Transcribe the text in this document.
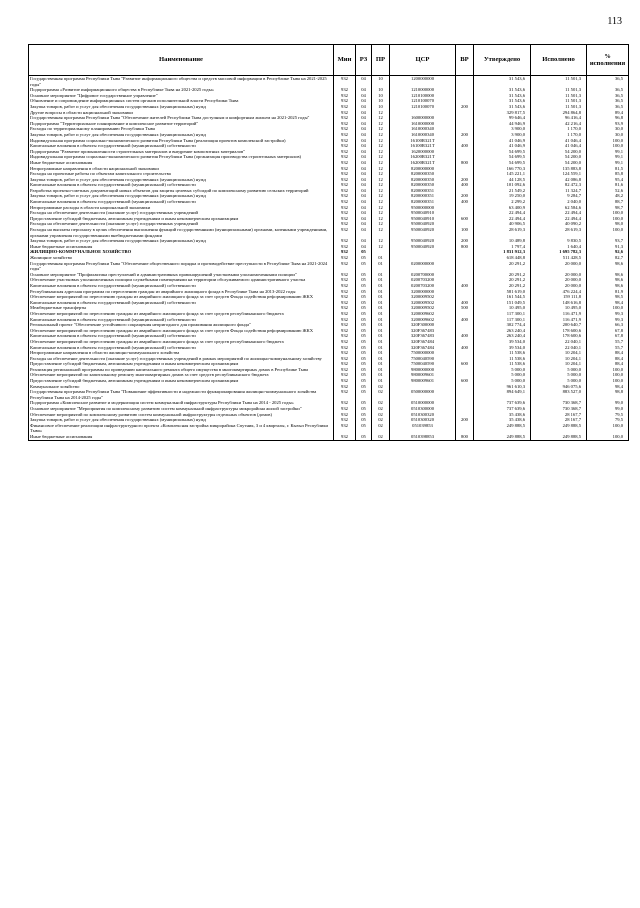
113
Наименование	Мин	РЗ	ПР	ЦСР	ВР	Утверждено	Исполнено	% исполнения
Государственная программа Республики Тыва "Развитие информационного общества и средств массовой информации в Республике Тыва на 2021-2025 годы"	932	04	10	1200000000		31 543,6	11 501,3	36,5
Подпрограмма «Развитие информационного общества в Республике Тыва на 2021-2025 годы»	932	04	10	1210000000		31 543,6	11 501,3	36,5
Основное мероприятие "Цифровое государственное управление"	932	04	10	1210100000		31 543,6	11 501,3	36,5
Обновление и сопровождение информационных систем органов исполнительной власти Республики Тыва	932	04	10	1210100070		31 543,6	11 501,3	36,5
Закупка товаров, работ и услуг для обеспечения государственных (муниципальных) нужд	932	04	10	1210100070	200	31 543,6	11 501,3	36,5
Другие вопросы в области национальной экономики	932	04	12			329 817,5	294 864,8	89,4
Государственная программа Республики Тыва "Обеспечение жителей Республики Тыва доступным и комфортным жильем на 2021-2025 годы"	932	04	12	1600000000		99 646,4	96 416,4	96,8
Подпрограмма "Территориальное планирование и комплексное развитие территорий"	932	04	12	1610000000		44 946,9	42 216,4	93,9
Расходы по территориальному планированию Республики Тыва	932	04	12	1610000340		3 900,0	1 170,0	30,0
Закупка товаров, работ и услуг для обеспечения государственных (муниципальных) нужд	932	04	12	1610000340	200	3 900,0	1 170,0	30,0
Индивидуальная программа социально-экономического развития Республики Тыва (реализация проектов комплексной застройки)	932	04	12	16100R321T		41 046,9	41 046,4	100,0
Капитальные вложения в объекты государственной (муниципальной) собственности	932	04	12	16100R321T	400	41 046,9	41 046,4	100,0
Подпрограмма "Развитие промышленности строительных материалов и внедрение композитных материалов"	932	04	12	1620000000		54 699,5	54 200,0	99,1
Индивидуальная программа социально-экономического развития Республики Тыва (организация производства строительных материалов)	932	04	12	16200R321T		54 699,5	54 200,0	99,1
Иные бюджетные ассигнования	932	04	12	16200R321T	800	54 699,5	54 200,0	99,1
Непрограммные направления в области национальной экономики	932	04	12	8200000000		166 770,3	135 883,8	81,5
Расходы на проектные работы по объектам капитального строительства	932	04	12	8200000350		145 221,1	124 559,1	85,8
Закупка товаров, работ и услуг для обеспечения государственных (муниципальных) нужд	932	04	12	8200000350	200	44 128,5	42 086,8	95,4
Капитальные вложения в объекты государственной (муниципальной) собственности	932	04	12	8200000350	400	101 092,6	82 472,3	81,6
Разработка проектно-сметных документаций новых объектов для защиты целевых субсидий по комплексному развитию сельских территорий	932	04	12	8200000351		21 549,2	11 324,7	52,6
Закупка товаров, работ и услуг для обеспечения государственных (муниципальных) нужд	932	04	12	8200000351	200	19 250,0	9 284,7	48,2
Капитальные вложения в объекты государственной (муниципальной) собственности	932	04	12	8200000351	400	2 299,2	2 040,0	88,7
Непрограммные расходы в области национальной экономики	932	04	12	9500000000		63 400,9	62 584,6	98,7
Расходы на обеспечение деятельности (оказание услуг) государственных учреждений	932	04	12	9500040910		22 494,4	22 494,4	100,0
Предоставление субсидий бюджетным, автономным учреждениям и иным некоммерческим организациям	932	04	12	9500040910	600	22 494,4	22 494,4	100,0
Расходы на обеспечение деятельности (оказание услуг) государственных учреждений	932	04	12	9500040920		40 906,5	40 090,2	98,0
Расходы на выплаты персоналу в целях обеспечения выполнения функций государственными (муниципальными) органами, казенными учреждениями, органами управления государственными внебюджетными фондами	932	04	12	9500040920	100	28 619,3	28 619,3	100,0
Закупка товаров, работ и услуг для обеспечения государственных (муниципальных) нужд	932	04	12	9500040920	200	10 489,8	9 830,5	93,7
Иные бюджетные ассигнования	932	04	12	9500040920	800	1 797,4	1 640,4	91,3
ЖИЛИЩНО-КОММУНАЛЬНОЕ ХОЗЯЙСТВО	932	05				1 831 912,3	1 695 782,3	92,6
Жилищное хозяйство	932	05	01			618 448,8	511 428,5	82,7
Государственная программа Республики Тыва "Обеспечение общественного порядка и противодействие преступности в Республике Тыва на 2021-2024 годы"	932	05	01	0200000000		20 291,2	20 000,0	98,6
Основное мероприятие "Профилактика преступлений и административных правонарушений участковыми уполномоченными полиции"	932	05	01	0200700000		20 291,2	20 000,0	98,6
Обеспечение участковых уполномоченных полиции служебными помещениями на территории обслуживаемого административного участка	932	05	01	0200703200		20 291,2	20 000,0	98,6
Капитальные вложения в объекты государственной (муниципальной) собственности	932	05	01	0200703200	400	20 291,2	20 000,0	98,6
Республиканская адресная программа по переселению граждан из аварийного жилищного фонда в Республике Тыва на 2013-2022 годы	932	05	01	3200000000		581 619,0	476 224,4	81,9
Обеспечение мероприятий по переселению граждан из аварийного жилищного фонда за счет средств Фонда содействия реформированию ЖКХ	932	05	01	3200009502		161 544,5	159 111,8	98,5
Капитальные вложения в объекты государственной (муниципальной) собственности	932	05	01	3200009502	400	151 049,5	148 616,8	98,4
Межбюджетные трансферты	932	05	01	3200009502	500	10 495,0	10 495,0	100,0
Обеспечение мероприятий по переселению граждан из аварийного жилищного фонда за счет средств республиканского бюджета	932	05	01	3200009602		117 300,1	116 471,9	99,3
Капитальные вложения в объекты государственной (муниципальной) собственности	932	05	01	3200009602	400	117 300,1	116 471,9	99,3
Региональный проект "Обеспечение устойчивого сокращения непригодного для проживания жилищного фонда"	932	05	01	320F300000		302 774,4	200 640,7	66,3
Обеспечение мероприятий по переселению граждан из аварийного жилищного фонда за счет средств Фонда содействия реформированию ЖКХ	932	05	01	320F367483		263 240,4	178 600,6	67,8
Капитальные вложения в объекты государственной (муниципальной) собственности	932	05	01	320F367483	400	263 240,4	178 600,6	67,8
Обеспечение мероприятий по переселению граждан из аварийного жилищного фонда за счет средств республиканского бюджета	932	05	01	320F367484		39 534,0	22 040,1	55,7
Капитальные вложения в объекты государственной (муниципальной) собственности	932	05	01	320F367484	400	39 534,0	22 040,1	55,7
Непрограммные направления в области жилищно-коммунального хозяйства	932	05	01	7500000000		11 538,6	10 204,1	88,4
Расходы на обеспечение деятельности (оказание услуг) государственных учреждений в рамках мероприятий по жилищно-коммунальному хозяйству	932	05	01	7500040590		11 538,6	10 204,1	88,4
Предоставление субсидий бюджетным, автономным учреждениям и иным некоммерческим организациям	932	05	01	7500040590	600	11 538,6	10 204,1	88,4
Реализация региональной программы по проведению капитального ремонта общего имущества в многоквартирных домах в Республике Тыва	932	05	01	9800000000		5 000,0	5 000,0	100,0
Обеспечение мероприятий по капитальному ремонту многоквартирных домов за счет средств республиканского бюджета	932	05	01	9800009601		5 000,0	5 000,0	100,0
Предоставление субсидий бюджетным, автономным учреждениям и иным некоммерческим организациям	932	05	01	9800009601	600	5 000,0	5 000,0	100,0
Коммунальное хозяйство	932	05	02			961 610,3	946 075,6	98,4
Государственная программа Республики Тыва "Повышение эффективности и надежности функционирования жилищно-коммунального хозяйства Республики Тыва на 2014-2025 годы"	932	05	02	0500000000		894 649,1	883 527,0	98,8
Подпрограмма «Комплексное развитие и модернизация систем коммунальной инфраструктуры Республики Тыва на 2014 - 2025 годы»	932	05	02	0510000000		737 639,6	730 368,7	99,0
Основное мероприятие "Мероприятия по комплексному развитию систем коммунальной инфраструктуры микрорайона жилой застройки"	932	05	02	0510300000		737 639,6	730 368,7	99,0
Обеспечение мероприятий по комплексному развитию систем коммунальной инфраструктуры отдельных объектов (домов)	932	05	02	0510300320		35 438,6	28 167,7	79,5
Закупка товаров, работ и услуг для обеспечения государственных (муниципальных) нужд	932	05	02	0510300320	200	35 438,6	28 167,7	79,5
Финансовое обеспечение реализации инфраструктурного проекта «Комплексная застройка микрорайона Спутник, 3 и 4 кварталы, г. Кызыл Республики Тыва»	932	05	02	051039853		249 888,5	249 888,5	100,0
Иные бюджетные ассигнования	932	05	02	0510398853	800	249 888,5	249 888,5	100,0
